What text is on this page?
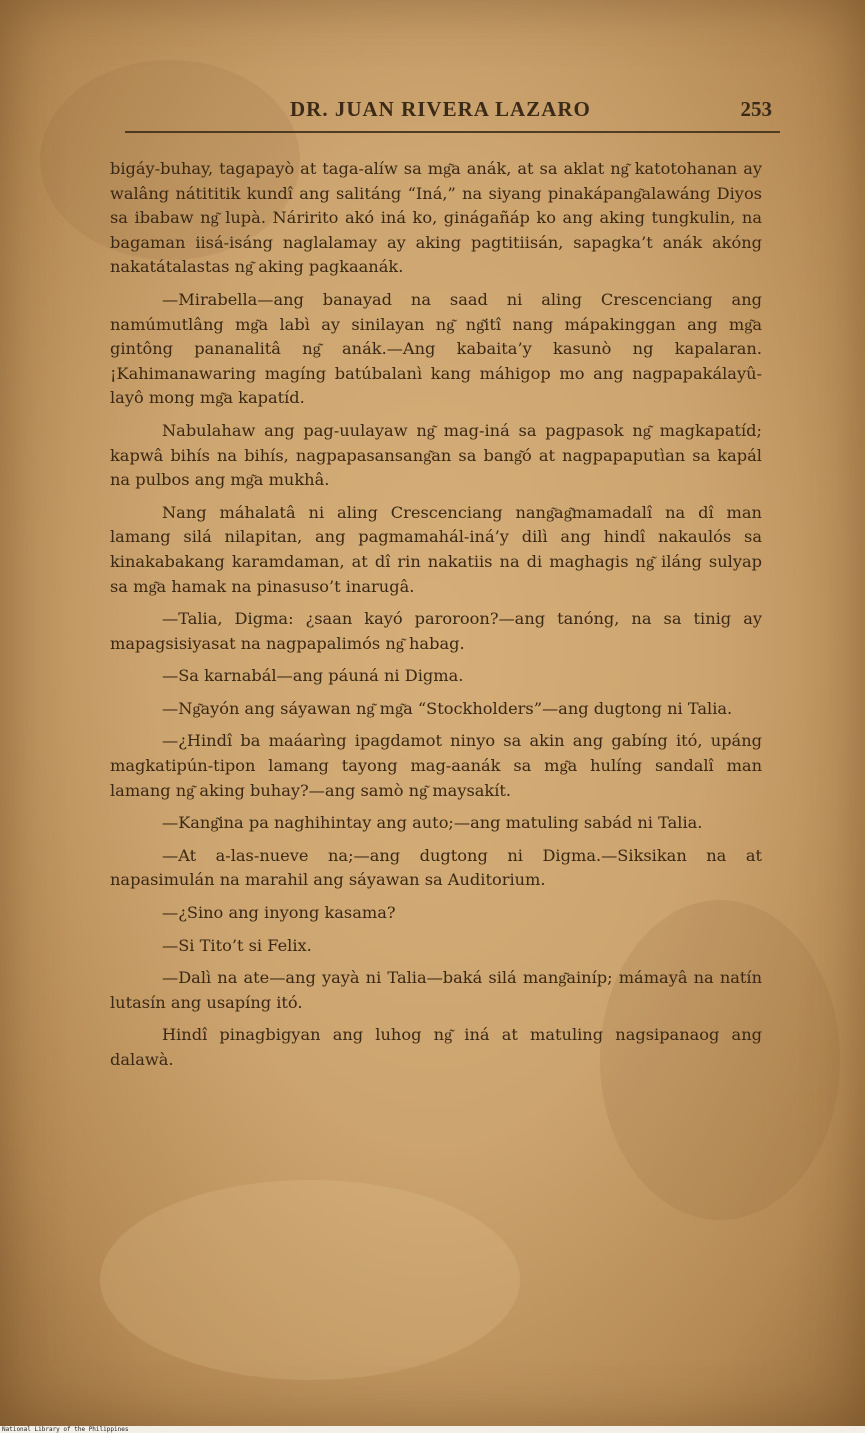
DR. JUAN RIVERA LAZARO	253

bigáy-buhay, tagapayò at taga-alíw sa mg͂a anák, at sa aklat ng͂ katotohanan ay walâng nátititik kundî ang salitáng “Iná,” na siyang pinakápang͂alawáng Diyos sa ibabaw ng͂ lupà. Náririto akó iná ko, ginágañáp ko ang aking tungkulin, na bagaman iisá-isáng naglalamay ay aking pagtitiisán, sapagka’t anák akóng nakatátalastas ng͂ aking pagkaanák.

—Mirabella—ang banayad na saad ni aling Crescenciang ang namúmutlâng mg͂a labì ay sinilayan ng͂ ng͂itî nang mápakinggan ang mg͂a gintông pananalitâ ng͂ anák.—Ang kabaita’y kasunò ng kapalaran. ¡Kahimanawaring magíng batúbalanì kang máhigop mo ang nagpapakálayû-layô mong mg͂a kapatíd.

Nabulahaw ang pag-uulayaw ng͂ mag-iná sa pagpasok ng͂ magkapatíd; kapwâ bihís na bihís, nagpapasansang͂an sa bang͂ó at nagpapaputìan sa kapál na pulbos ang mg͂a mukhâ.

Nang máhalatâ ni aling Crescenciang nang͂ag͂mamadalî na dî man lamang silá nilapitan, ang pagmamahál-iná’y dilì ang hindî nakaulós sa kinakabakang karamdaman, at dî rin nakatiis na di maghagis ng͂ iláng sulyap sa mg͂a hamak na pinasuso’t inarugâ.

—Talia, Digma: ¿saan kayó paroroon?—ang tanóng, na sa tinig ay mapagsisiyasat na nagpapalimós ng͂ habag.

—Sa karnabál—ang páuná ni Digma.

—Ng͂ayón ang sáyawan ng͂ mg͂a “Stockholders”—ang dugtong ni Talia.

—¿Hindî ba maáarìng ipagdamot ninyo sa akin ang gabíng itó, upáng magkatipún-tipon lamang tayong mag-aanák sa mg͂a hulíng sandalî man lamang ng͂ aking buhay?—ang samò ng͂ maysakít.

—Kang͂ina pa naghihintay ang auto;—ang matuling sabád ni Talia.

—At a-las-nueve na;—ang dugtong ni Digma.—Siksikan na at napasimulán na marahil ang sáyawan sa Auditorium.

—¿Sino ang inyong kasama?

—Si Tito’t si Felix.

—Dalì na ate—ang yayà ni Talia—baká silá mang͂ainíp; mámayâ na natín lutasín ang usapíng itó.

Hindî pinagbigyan ang luhog ng͂ iná at matuling nagsipanaog ang dalawà.

National Library of the Philippines
